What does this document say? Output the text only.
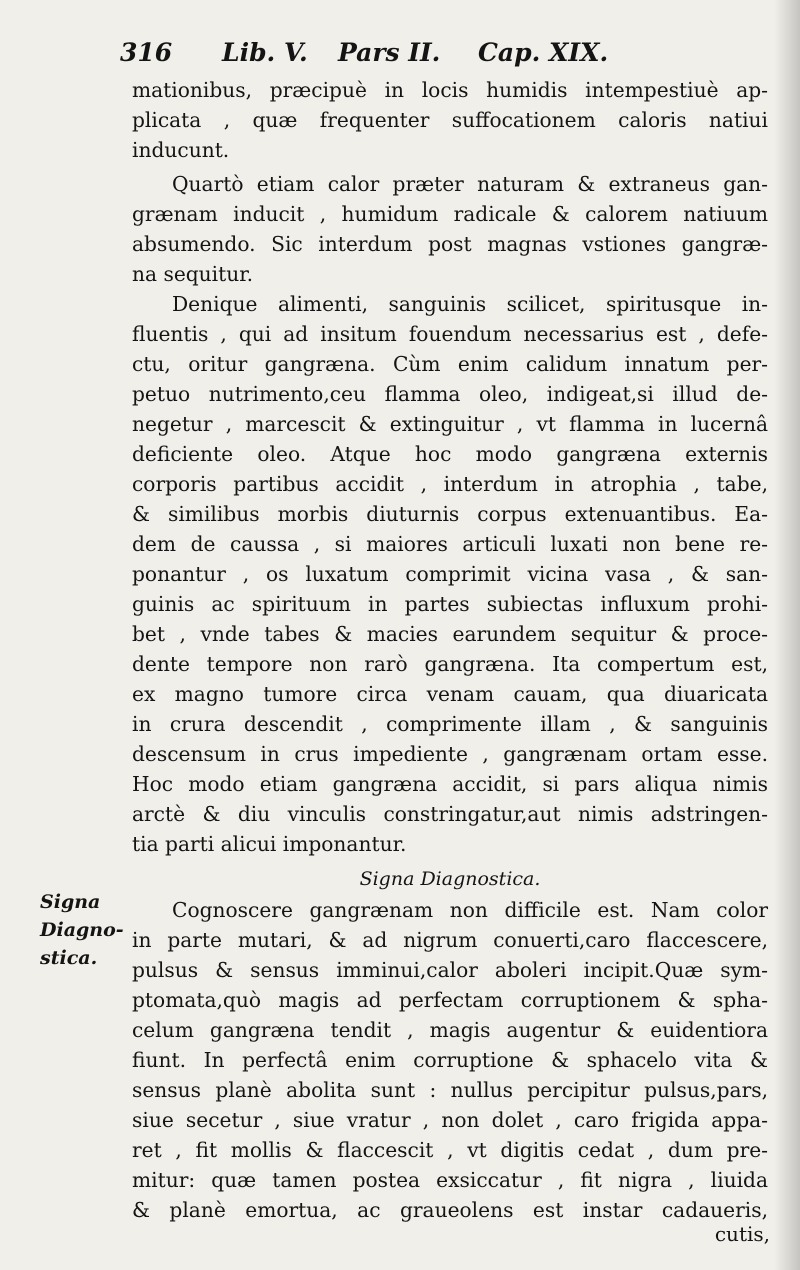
316 Lib. V. Pars II. Cap. XIX.
mationibus, præcipuè in locis humidis intempestiuè ap-
plicata , quæ frequenter suffocationem caloris natiui
inducunt.
Quartò etiam calor præter naturam & extraneus gan-
grænam inducit , humidum radicale & calorem natiuum
absumendo. Sic interdum post magnas vstiones gangræ-
na sequitur.
Denique alimenti, sanguinis scilicet, spiritusque in-
fluentis , qui ad insitum fouendum necessarius est , defe-
ctu, oritur gangræna. Cùm enim calidum innatum per-
petuo nutrimento,ceu flamma oleo, indigeat,si illud de-
negetur , marcescit & extinguitur , vt flamma in lucernâ
deficiente oleo. Atque hoc modo gangræna externis
corporis partibus accidit , interdum in atrophia , tabe,
& similibus morbis diuturnis corpus extenuantibus. Ea-
dem de caussa , si maiores articuli luxati non bene re-
ponantur , os luxatum comprimit vicina vasa , & san-
guinis ac spirituum in partes subiectas influxum prohi-
bet , vnde tabes & macies earundem sequitur & proce-
dente tempore non rarò gangræna. Ita compertum est,
ex magno tumore circa venam cauam, qua diuaricata
in crura descendit , comprimente illam , & sanguinis
descensum in crus impediente , gangrænam ortam esse.
Hoc modo etiam gangræna accidit, si pars aliqua nimis
arctè & diu vinculis constringatur,aut nimis adstringen-
tia parti alicui imponantur.
Signa Diagnostica.
Cognoscere gangrænam non difficile est. Nam color
in parte mutari, & ad nigrum conuerti,caro flaccescere,
pulsus & sensus imminui,calor aboleri incipit.Quæ sym-
ptomata,quò magis ad perfectam corruptionem & spha-
celum gangræna tendit , magis augentur & euidentiora
fiunt. In perfectâ enim corruptione & sphacelo vita &
sensus planè abolita sunt : nullus percipitur pulsus,pars,
siue secetur , siue vratur , non dolet , caro frigida appa-
ret , fit mollis & flaccescit , vt digitis cedat , dum pre-
mitur: quæ tamen postea exsiccatur , fit nigra , liuida
& planè emortua, ac graueolens est instar cadaueris,
Signa
Diagno-
stica.
cutis,
